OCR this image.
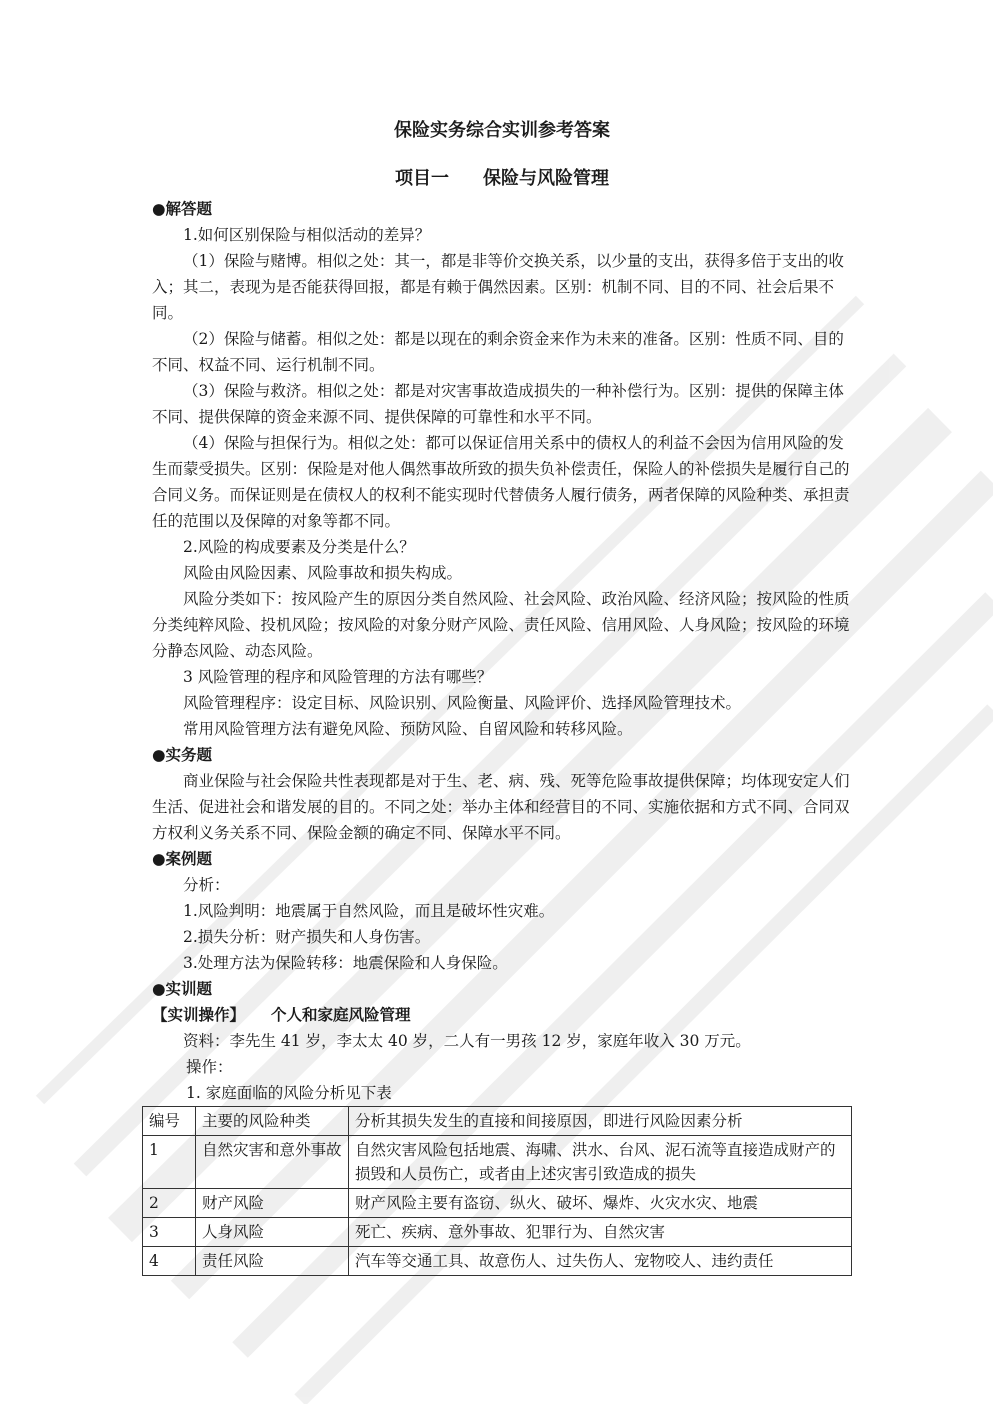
保险实务综合实训参考答案
项目一 保险与风险管理
●解答题

1.如何区别保险与相似活动的差异？

（1）保险与赌博。相似之处：其一，都是非等价交换关系，以少量的支出，获得多倍于支出的收入；其二，表现为是否能获得回报，都是有赖于偶然因素。区别：机制不同、目的不同、社会后果不同。

（2）保险与储蓄。相似之处：都是以现在的剩余资金来作为未来的准备。区别：性质不同、目的不同、权益不同、运行机制不同。

（3）保险与救济。相似之处：都是对灾害事故造成损失的一种补偿行为。区别：提供的保障主体不同、提供保障的资金来源不同、提供保障的可靠性和水平不同。

（4）保险与担保行为。相似之处：都可以保证信用关系中的债权人的利益不会因为信用风险的发生而蒙受损失。区别：保险是对他人偶然事故所致的损失负补偿责任，保险人的补偿损失是履行自己的合同义务。而保证则是在债权人的权利不能实现时代替债务人履行债务，两者保障的风险种类、承担责任的范围以及保障的对象等都不同。

2.风险的构成要素及分类是什么？

风险由风险因素、风险事故和损失构成。

风险分类如下：按风险产生的原因分类自然风险、社会风险、政治风险、经济风险；按风险的性质分类纯粹风险、投机风险；按风险的对象分财产风险、责任风险、信用风险、人身风险；按风险的环境分静态风险、动态风险。

3 风险管理的程序和风险管理的方法有哪些？

风险管理程序：设定目标、风险识别、风险衡量、风险评价、选择风险管理技术。

常用风险管理方法有避免风险、预防风险、自留风险和转移风险。

●实务题

商业保险与社会保险共性表现都是对于生、老、病、残、死等危险事故提供保障；均体现安定人们生活、促进社会和谐发展的目的。不同之处：举办主体和经营目的不同、实施依据和方式不同、合同双方权利义务关系不同、保险金额的确定不同、保障水平不同。

●案例题

分析：

1.风险判明：地震属于自然风险，而且是破坏性灾难。

2.损失分析：财产损失和人身伤害。

3.处理方法为保险转移：地震保险和人身保险。

●实训题
【实训操作】 个人和家庭风险管理

资料：李先生 41 岁，李太太 40 岁，二人有一男孩 12 岁，家庭年收入 30 万元。

操作：

1. 家庭面临的风险分析见下表

编号	主要的风险种类	分析其损失发生的直接和间接原因，即进行风险因素分析
1	自然灾害和意外事故	自然灾害风险包括地震、海啸、洪水、台风、泥石流等直接造成财产的损毁和人员伤亡，或者由上述灾害引致造成的损失
2	财产风险	财产风险主要有盗窃、纵火、破坏、爆炸、火灾水灾、地震
3	人身风险	死亡、疾病、意外事故、犯罪行为、自然灾害
4	责任风险	汽车等交通工具、故意伤人、过失伤人、宠物咬人、违约责任
